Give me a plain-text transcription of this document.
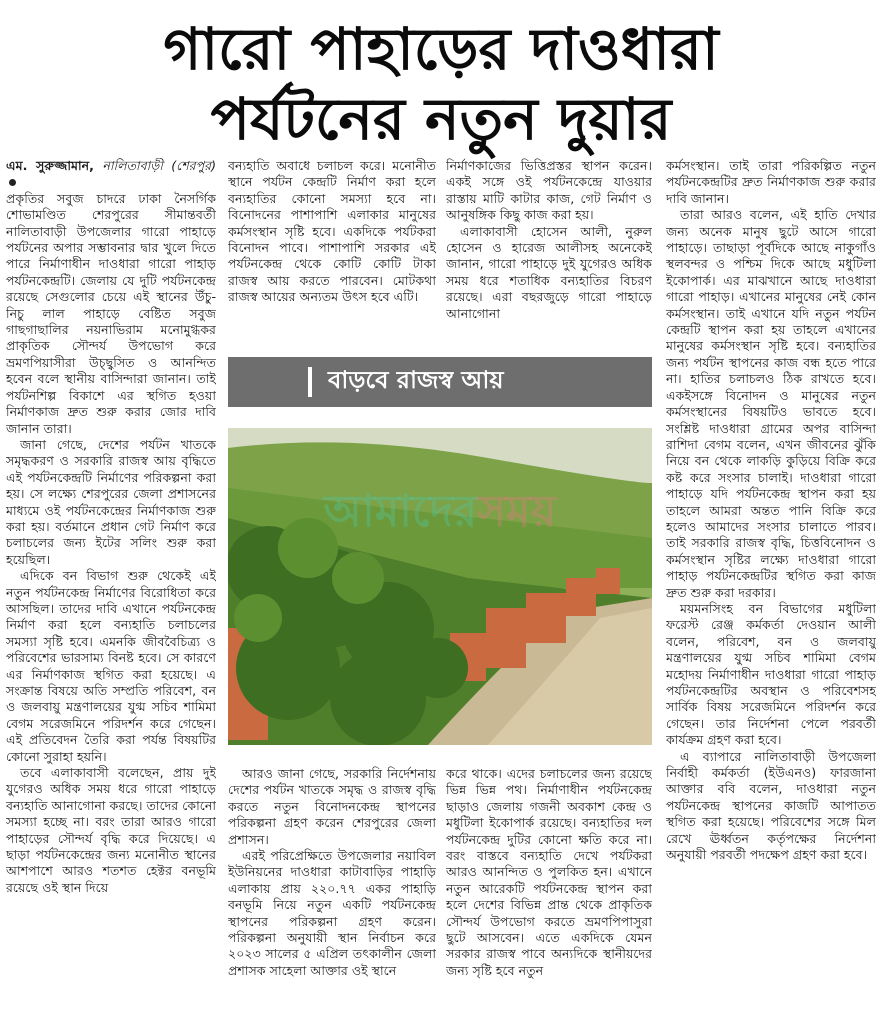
গারো পাহাড়ের দাওধারা
পর্যটনের নতুন দুয়ার

এম. সুরুজ্জামান, নালিতাবাড়ী (শেরপুর)

প্রকৃতির সবুজ চাদরে ঢাকা নৈসর্গিক শোভামণ্ডিত শেরপুরের সীমান্তবর্তী নালিতাবাড়ী উপজেলার গারো পাহাড়ে পর্যটনের অপার সম্ভাবনার দ্বার খুলে দিতে পারে নির্মাণাধীন দাওধারা গারো পাহাড় পর্যটনকেন্দ্রটি। জেলায় যে দুটি পর্যটনকেন্দ্র রয়েছে সেগুলোর চেয়ে এই স্থানের উঁচু-নিচু লাল পাহাড়ে বেষ্টিত সবুজ গাছগাছালির নয়নাভিরাম মনোমুগ্ধকর প্রাকৃতিক সৌন্দর্য উপভোগ করে ভ্রমণপিয়াসীরা উচ্ছ্বসিত ও আনন্দিত হবেন বলে স্থানীয় বাসিন্দারা জানান। তাই পর্যটনশিল্প বিকাশে এর স্থগিত হওয়া নির্মাণকাজ দ্রুত শুরু করার জোর দাবি জানান তারা।

জানা গেছে, দেশের পর্যটন খাতকে সমৃদ্ধকরণ ও সরকারি রাজস্ব আয় বৃদ্ধিতে এই পর্যটনকেন্দ্রটি নির্মাণের পরিকল্পনা করা হয়। সে লক্ষ্যে শেরপুরের জেলা প্রশাসনের মাধ্যমে ওই পর্যটনকেন্দ্রের নির্মাণকাজ শুরু করা হয়। বর্তমানে প্রধান গেট নির্মাণ করে চলাচলের জন্য ইটের সলিং শুরু করা হয়েছিল।

এদিকে বন বিভাগ শুরু থেকেই এই নতুন পর্যটনকেন্দ্র নির্মাণের বিরোধিতা করে আসছিল। তাদের দাবি এখানে পর্যটনকেন্দ্র নির্মাণ করা হলে বন্যহাতি চলাচলের সমস্যা সৃষ্টি হবে। এমনকি জীববৈচিত্র্য ও পরিবেশের ভারসাম্য বিনষ্ট হবে। সে কারণে এর নির্মাণকাজ স্থগিত করা হয়েছে। এ সংক্রান্ত বিষয়ে অতি সম্প্রতি পরিবেশ, বন ও জলবায়ু মন্ত্রণালয়ের যুগ্ম সচিব শামিমা বেগম সরেজমিনে পরিদর্শন করে গেছেন। এই প্রতিবেদন তৈরি করা পর্যন্ত বিষয়টির কোনো সুরাহা হয়নি।

তবে এলাকাবাসী বলেছেন, প্রায় দুই যুগেরও অধিক সময় ধরে গারো পাহাড়ে বন্যহাতি আনাগোনা করছে। তাদের কোনো সমস্যা হচ্ছে না। বরং তারা আরও গারো পাহাড়ের সৌন্দর্য বৃদ্ধি করে দিয়েছে। এ ছাড়া পর্যটনকেন্দ্রের জন্য মনোনীত স্থানের আশপাশে আরও শতশত হেক্টর বনভূমি রয়েছে ওই স্থান দিয়ে

বন্যহাতি অবাধে চলাচল করে। মনোনীত স্থানে পর্যটন কেন্দ্রটি নির্মাণ করা হলে বন্যহাতির কোনো সমস্যা হবে না। বিনোদনের পাশাপাশি এলাকার মানুষের কর্মসংস্থান সৃষ্টি হবে। একদিকে পর্যটকরা বিনোদন পাবে। পাশাপাশি সরকার এই পর্যটনকেন্দ্র থেকে কোটি কোটি টাকা রাজস্ব আয় করতে পারবেন। মোটকথা রাজস্ব আয়ের অন্যতম উৎস হবে এটি।

নির্মাণকাজের ভিত্তিপ্রস্তর স্থাপন করেন। একই সঙ্গে ওই পর্যটনকেন্দ্রে যাওয়ার রাস্তায় মাটি কাটার কাজ, গেট নির্মাণ ও আনুষঙ্গিক কিছু কাজ করা হয়।

এলাকাবাসী হোসেন আলী, নুরুল হোসেন ও হারেজ আলীসহ অনেকেই জানান, গারো পাহাড়ে দুই যুগেরও অধিক সময় ধরে শতাধিক বন্যহাতির বিচরণ রয়েছে। এরা বছরজুড়ে গারো পাহাড়ে আনাগোনা

বাড়বে রাজস্ব আয়
আমাদেরসময়

আরও জানা গেছে, সরকারি নির্দেশনায় দেশের পর্যটন খাতকে সমৃদ্ধ ও রাজস্ব বৃদ্ধি করতে নতুন বিনোদনকেন্দ্র স্থাপনের পরিকল্পনা গ্রহণ করেন শেরপুরের জেলা প্রশাসন।

এরই পরিপ্রেক্ষিতে উপজেলার নয়াবিল ইউনিয়নের দাওধারা কাটাবাড়ির পাহাড়ি এলাকায় প্রায় ২২০.৭৭ একর পাহাড়ি বনভূমি নিয়ে নতুন একটি পর্যটনকেন্দ্র স্থাপনের পরিকল্পনা গ্রহণ করেন। পরিকল্পনা অনুযায়ী স্থান নির্বাচন করে ২০২৩ সালের ৫ এপ্রিল তৎকালীন জেলা প্রশাসক সাহেলা আক্তার ওই স্থানে

করে থাকে। এদের চলাচলের জন্য রয়েছে ভিন্ন ভিন্ন পথ। নির্মাণাধীন পর্যটনকেন্দ্র ছাড়াও জেলায় গজনী অবকাশ কেন্দ্র ও মধুটিলা ইকোপার্ক রয়েছে। বন্যহাতির দল পর্যটনকেন্দ্র দুটির কোনো ক্ষতি করে না। বরং বাস্তবে বন্যহাতি দেখে পর্যটকরা আরও আনন্দিত ও পুলকিত হন। এখানে নতুন আরেকটি পর্যটনকেন্দ্র স্থাপন করা হলে দেশের বিভিন্ন প্রান্ত থেকে প্রাকৃতিক সৌন্দর্য উপভোগ করতে ভ্রমণপিপাসুরা ছুটে আসবেন। এতে একদিকে যেমন সরকার রাজস্ব পাবে অন্যদিকে স্থানীয়দের জন্য সৃষ্টি হবে নতুন

কর্মসংস্থান। তাই তারা পরিকল্পিত নতুন পর্যটনকেন্দ্রটির দ্রুত নির্মাণকাজ শুরু করার দাবি জানান।

তারা আরও বলেন, এই হাতি দেখার জন্য অনেক মানুষ ছুটে আসে গারো পাহাড়ে। তাছাড়া পূর্বদিকে আছে নাকুগাঁও স্থলবন্দর ও পশ্চিম দিকে আছে মধুটিলা ইকোপার্ক। এর মাঝখানে আছে দাওধারা গারো পাহাড়। এখানের মানুষের নেই কোন কর্মসংস্থান। তাই এখানে যদি নতুন পর্যটন কেন্দ্রটি স্থাপন করা হয় তাহলে এখানের মানুষের কর্মসংস্থান সৃষ্টি হবে। বন্যহাতির জন্য পর্যটন স্থাপনের কাজ বন্ধ হতে পারে না। হাতির চলাচলও ঠিক রাখতে হবে। একইসঙ্গে বিনোদন ও মানুষের নতুন কর্মসংস্থানের বিষয়টিও ভাবতে হবে। সংশ্লিষ্ট দাওধারা গ্রামের অপর বাসিন্দা রাশিদা বেগম বলেন, এখন জীবনের ঝুঁকি নিয়ে বন থেকে লাকড়ি কুড়িয়ে বিক্রি করে কষ্ট করে সংসার চালাই। দাওধারা গারো পাহাড়ে যদি পর্যটনকেন্দ্র স্থাপন করা হয় তাহলে আমরা অন্তত পানি বিক্রি করে হলেও আমাদের সংসার চালাতে পারব। তাই সরকারি রাজস্ব বৃদ্ধি, চিত্তবিনোদন ও কর্মসংস্থান সৃষ্টির লক্ষ্যে দাওধারা গারো পাহাড় পর্যটনকেন্দ্রটির স্থগিত করা কাজ দ্রুত শুরু করা দরকার।

ময়মনসিংহ বন বিভাগের মধুটিলা ফরেস্ট রেঞ্জ কর্মকর্তা দেওয়ান আলী বলেন, পরিবেশ, বন ও জলবায়ু মন্ত্রণালয়ের যুগ্ম সচিব শামিমা বেগম মহোদয় নির্মাণাধীন দাওধারা গারো পাহাড় পর্যটনকেন্দ্রটির অবস্থান ও পরিবেশসহ সার্বিক বিষয় সরেজমিনে পরিদর্শন করে গেছেন। তার নির্দেশনা পেলে পরবর্তী কার্যক্রম গ্রহণ করা হবে।

এ ব্যাপারে নালিতাবাড়ী উপজেলা নির্বাহী কর্মকর্তা (ইউএনও) ফারজানা আক্তার ববি বলেন, দাওধারা নতুন পর্যটনকেন্দ্র স্থাপনের কাজটি আপাতত স্থগিত করা হয়েছে। পরিবেশের সঙ্গে মিল রেখে ঊর্ধ্বতন কর্তৃপক্ষের নির্দেশনা অনুযায়ী পরবর্তী পদক্ষেপ গ্রহণ করা হবে।
